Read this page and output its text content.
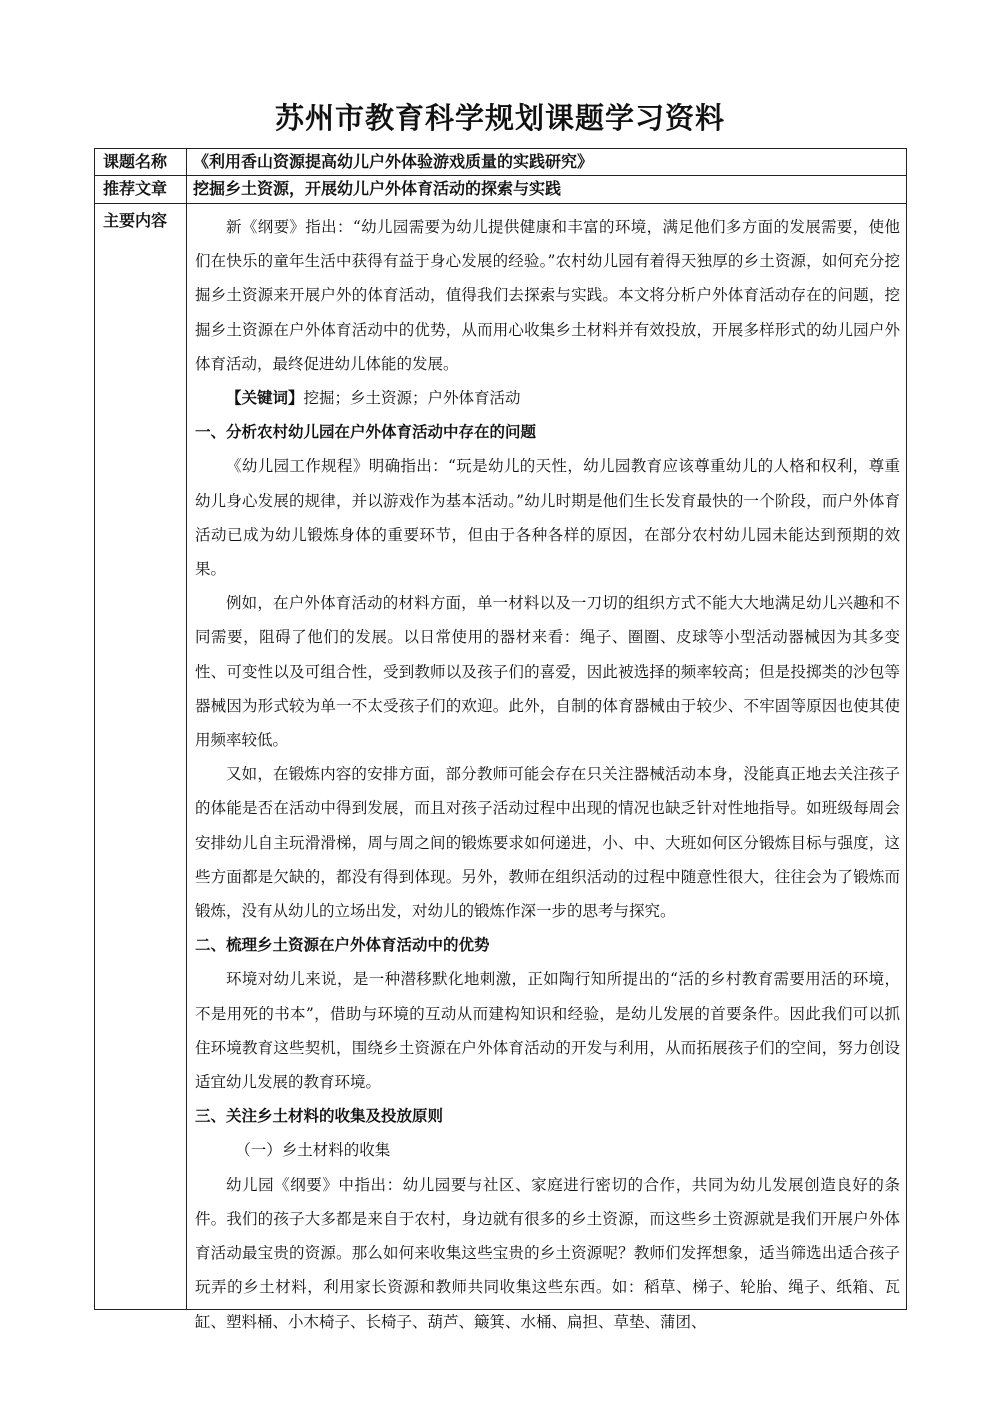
苏州市教育科学规划课题学习资料
课题名称	《利用香山资源提高幼儿户外体验游戏质量的实践研究》
推荐文章	挖掘乡土资源，开展幼儿户外体育活动的探索与实践
主要内容	新《纲要》指出：“幼儿园需要为幼儿提供健康和丰富的环境，满足他们多方面的发展需要，使他们在快乐的童年生活中获得有益于身心发展的经验。”农村幼儿园有着得天独厚的乡土资源，如何充分挖掘乡土资源来开展户外的体育活动，值得我们去探索与实践。本文将分析户外体育活动存在的问题，挖掘乡土资源在户外体育活动中的优势，从而用心收集乡土材料并有效投放，开展多样形式的幼儿园户外体育活动，最终促进幼儿体能的发展。

【关键词】挖掘；乡土资源；户外体育活动

一、分析农村幼儿园在户外体育活动中存在的问题

《幼儿园工作规程》明确指出：“玩是幼儿的天性，幼儿园教育应该尊重幼儿的人格和权利，尊重幼儿身心发展的规律，并以游戏作为基本活动。”幼儿时期是他们生长发育最快的一个阶段，而户外体育活动已成为幼儿锻炼身体的重要环节，但由于各种各样的原因，在部分农村幼儿园未能达到预期的效果。

例如，在户外体育活动的材料方面，单一材料以及一刀切的组织方式不能大大地满足幼儿兴趣和不同需要，阻碍了他们的发展。以日常使用的器材来看：绳子、圈圈、皮球等小型活动器械因为其多变性、可变性以及可组合性，受到教师以及孩子们的喜爱，因此被选择的频率较高；但是投掷类的沙包等器械因为形式较为单一不太受孩子们的欢迎。此外，自制的体育器械由于较少、不牢固等原因也使其使用频率较低。

又如，在锻炼内容的安排方面，部分教师可能会存在只关注器械活动本身，没能真正地去关注孩子的体能是否在活动中得到发展，而且对孩子活动过程中出现的情况也缺乏针对性地指导。如班级每周会安排幼儿自主玩滑滑梯，周与周之间的锻炼要求如何递进，小、中、大班如何区分锻炼目标与强度，这些方面都是欠缺的，都没有得到体现。另外，教师在组织活动的过程中随意性很大，往往会为了锻炼而锻炼，没有从幼儿的立场出发，对幼儿的锻炼作深一步的思考与探究。

二、梳理乡土资源在户外体育活动中的优势

环境对幼儿来说，是一种潜移默化地刺激，正如陶行知所提出的“活的乡村教育需要用活的环境，不是用死的书本”，借助与环境的互动从而建构知识和经验，是幼儿发展的首要条件。因此我们可以抓住环境教育这些契机，围绕乡土资源在户外体育活动的开发与利用，从而拓展孩子们的空间，努力创设适宜幼儿发展的教育环境。

三、关注乡土材料的收集及投放原则

（一）乡土材料的收集

幼儿园《纲要》中指出：幼儿园要与社区、家庭进行密切的合作，共同为幼儿发展创造良好的条件。我们的孩子大多都是来自于农村，身边就有很多的乡土资源，而这些乡土资源就是我们开展户外体育活动最宝贵的资源。那么如何来收集这些宝贵的乡土资源呢？教师们发挥想象，适当筛选出适合孩子玩弄的乡土材料，利用家长资源和教师共同收集这些东西。如：稻草、梯子、轮胎、绳子、纸箱、瓦缸、塑料桶、小木椅子、长椅子、葫芦、簸箕、水桶、扁担、草垫、蒲团、
